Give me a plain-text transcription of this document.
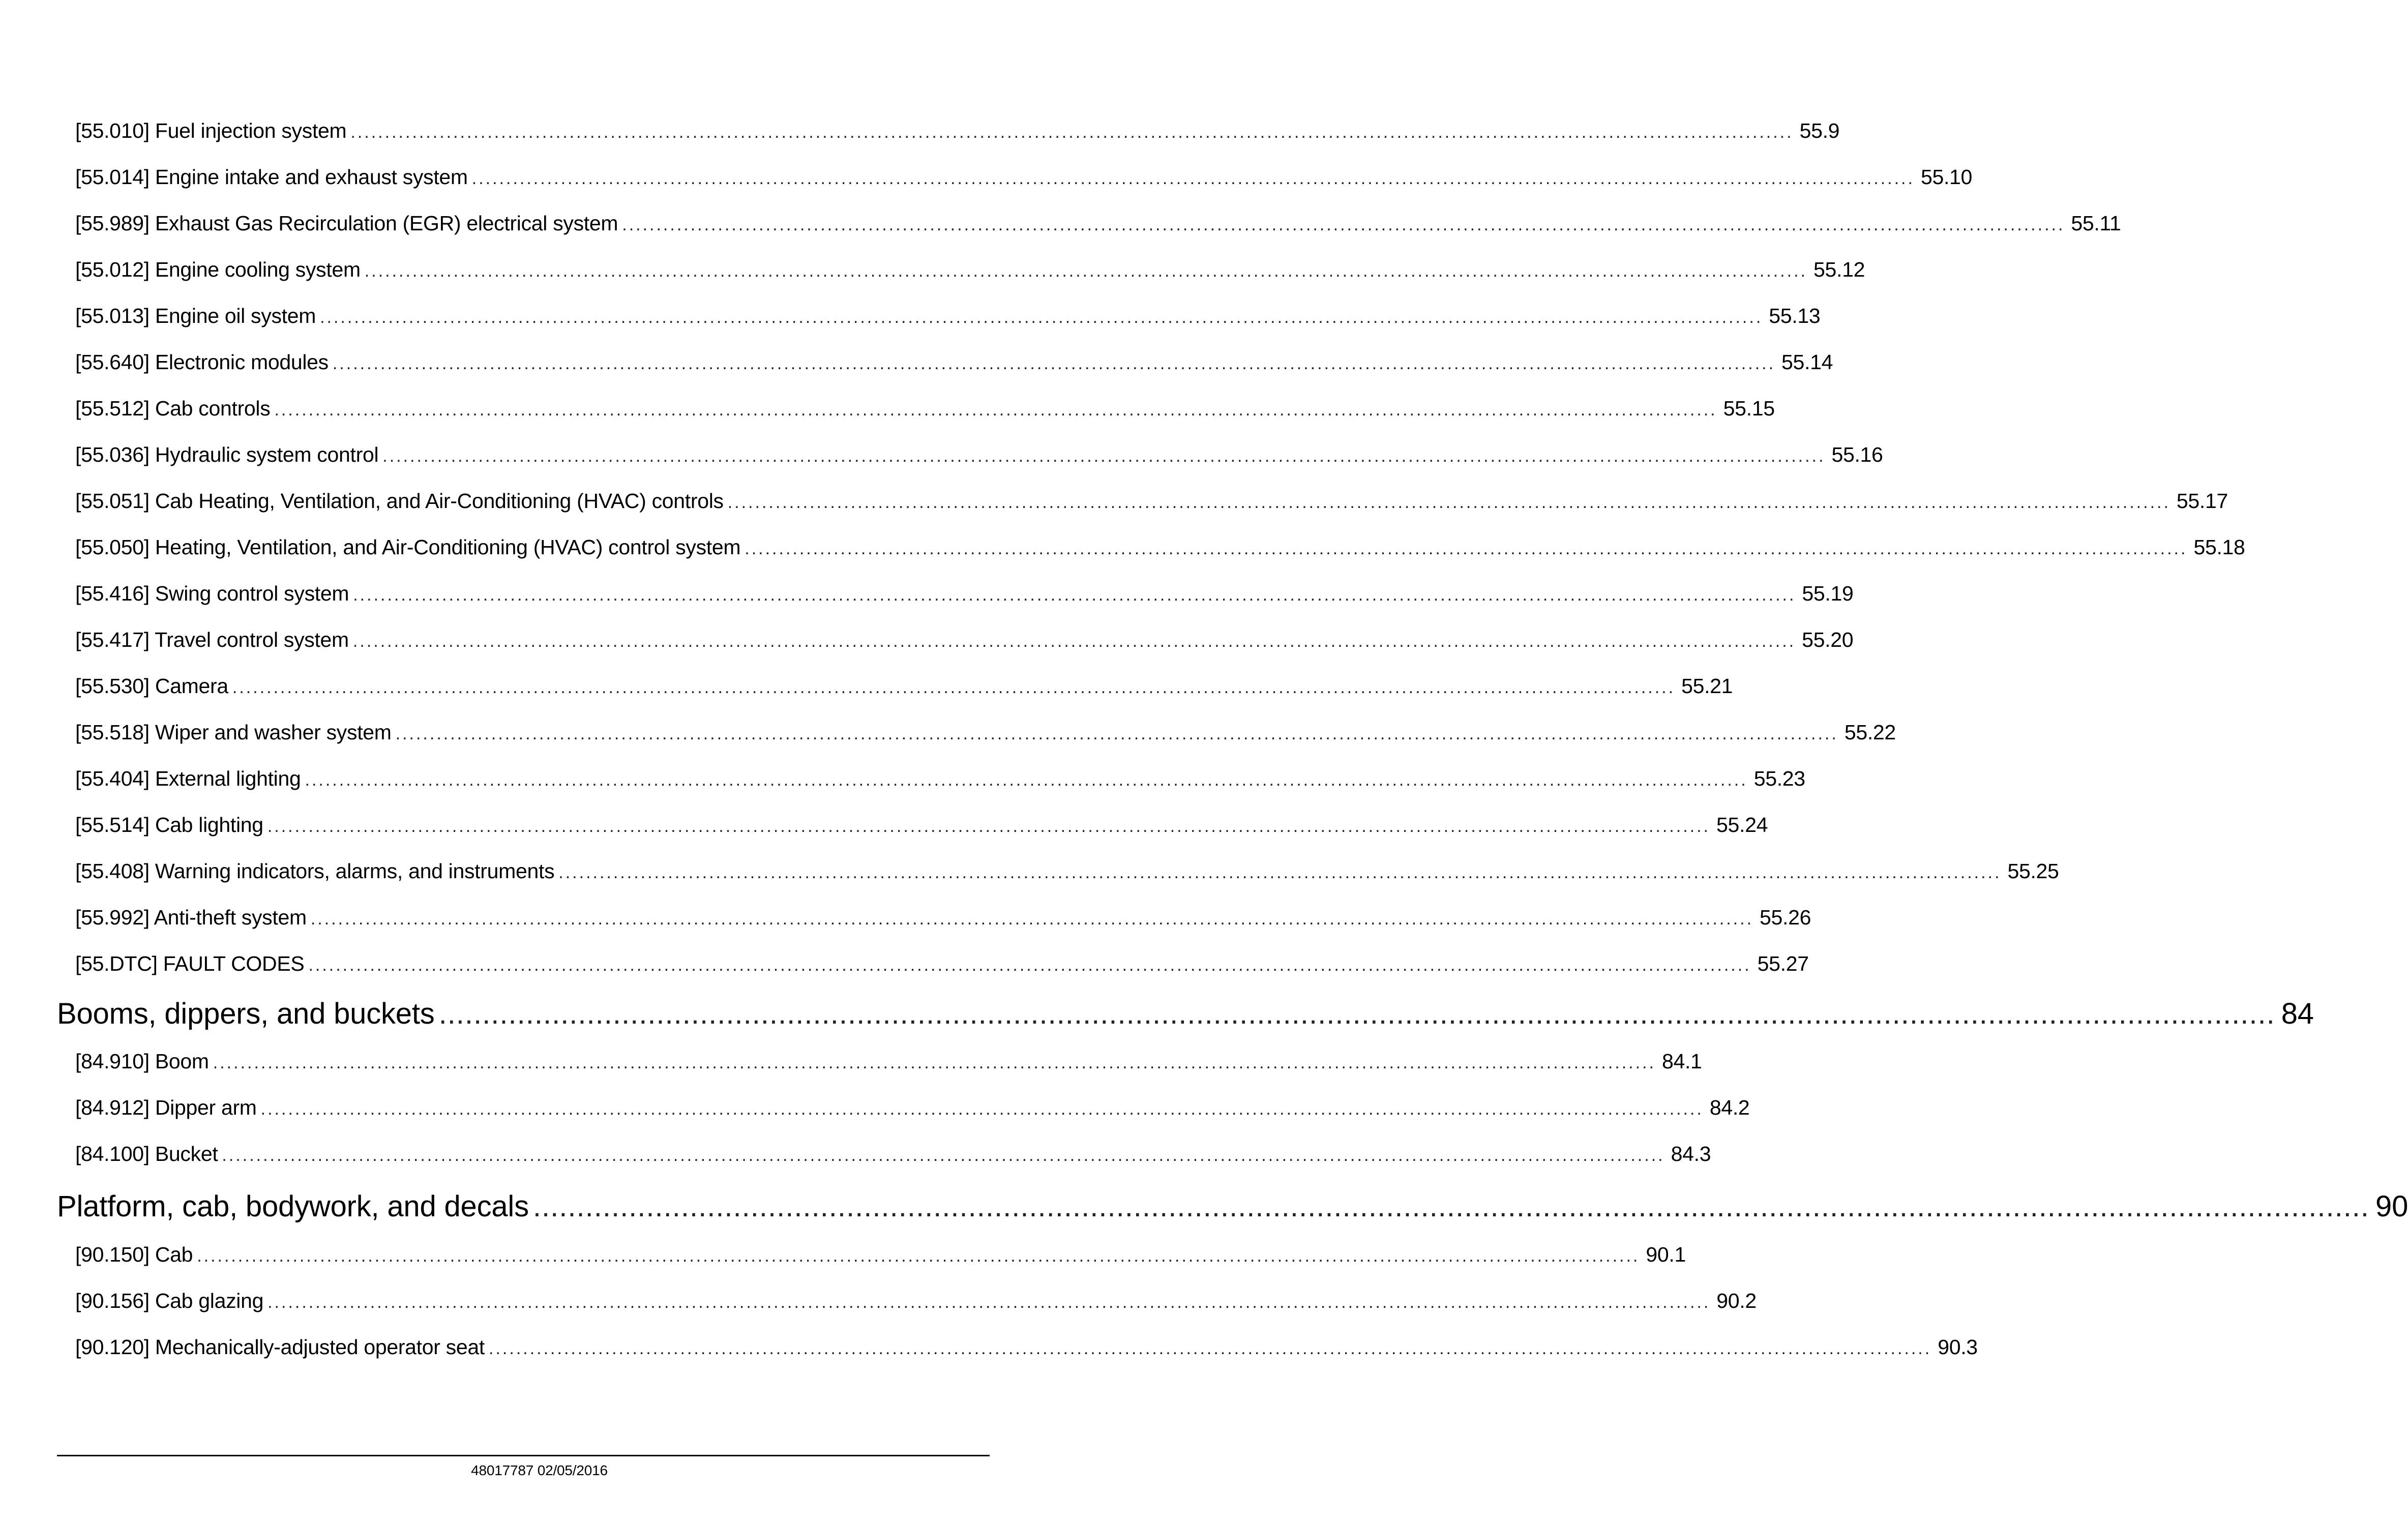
[55.010] Fuel injection system ................................................................................................................................................................................................................... 55.9
[55.014] Engine intake and exhaust system ................................................................................................................................................................................................................... 55.10
[55.989] Exhaust Gas Recirculation (EGR) electrical system ................................................................................................................................................................................................................... 55.11
[55.012] Engine cooling system ................................................................................................................................................................................................................... 55.12
[55.013] Engine oil system ................................................................................................................................................................................................................... 55.13
[55.640] Electronic modules ................................................................................................................................................................................................................... 55.14
[55.512] Cab controls ................................................................................................................................................................................................................... 55.15
[55.036] Hydraulic system control ................................................................................................................................................................................................................... 55.16
[55.051] Cab Heating, Ventilation, and Air-Conditioning (HVAC) controls ................................................................................................................................................................................................................... 55.17
[55.050] Heating, Ventilation, and Air-Conditioning (HVAC) control system ................................................................................................................................................................................................................... 55.18
[55.416] Swing control system ................................................................................................................................................................................................................... 55.19
[55.417] Travel control system ................................................................................................................................................................................................................... 55.20
[55.530] Camera ................................................................................................................................................................................................................... 55.21
[55.518] Wiper and washer system ................................................................................................................................................................................................................... 55.22
[55.404] External lighting ................................................................................................................................................................................................................... 55.23
[55.514] Cab lighting ................................................................................................................................................................................................................... 55.24
[55.408] Warning indicators, alarms, and instruments ................................................................................................................................................................................................................... 55.25
[55.992] Anti-theft system ................................................................................................................................................................................................................... 55.26
[55.DTC] FAULT CODES ................................................................................................................................................................................................................... 55.27
Booms, dippers, and buckets ................................................................................................................................................................................................................... 84
[84.910] Boom ................................................................................................................................................................................................................... 84.1
[84.912] Dipper arm ................................................................................................................................................................................................................... 84.2
[84.100] Bucket ................................................................................................................................................................................................................... 84.3
Platform, cab, bodywork, and decals ................................................................................................................................................................................................................... 90
[90.150] Cab ................................................................................................................................................................................................................... 90.1
[90.156] Cab glazing ................................................................................................................................................................................................................... 90.2
[90.120] Mechanically-adjusted operator seat ................................................................................................................................................................................................................... 90.3
48017787 02/05/2016
